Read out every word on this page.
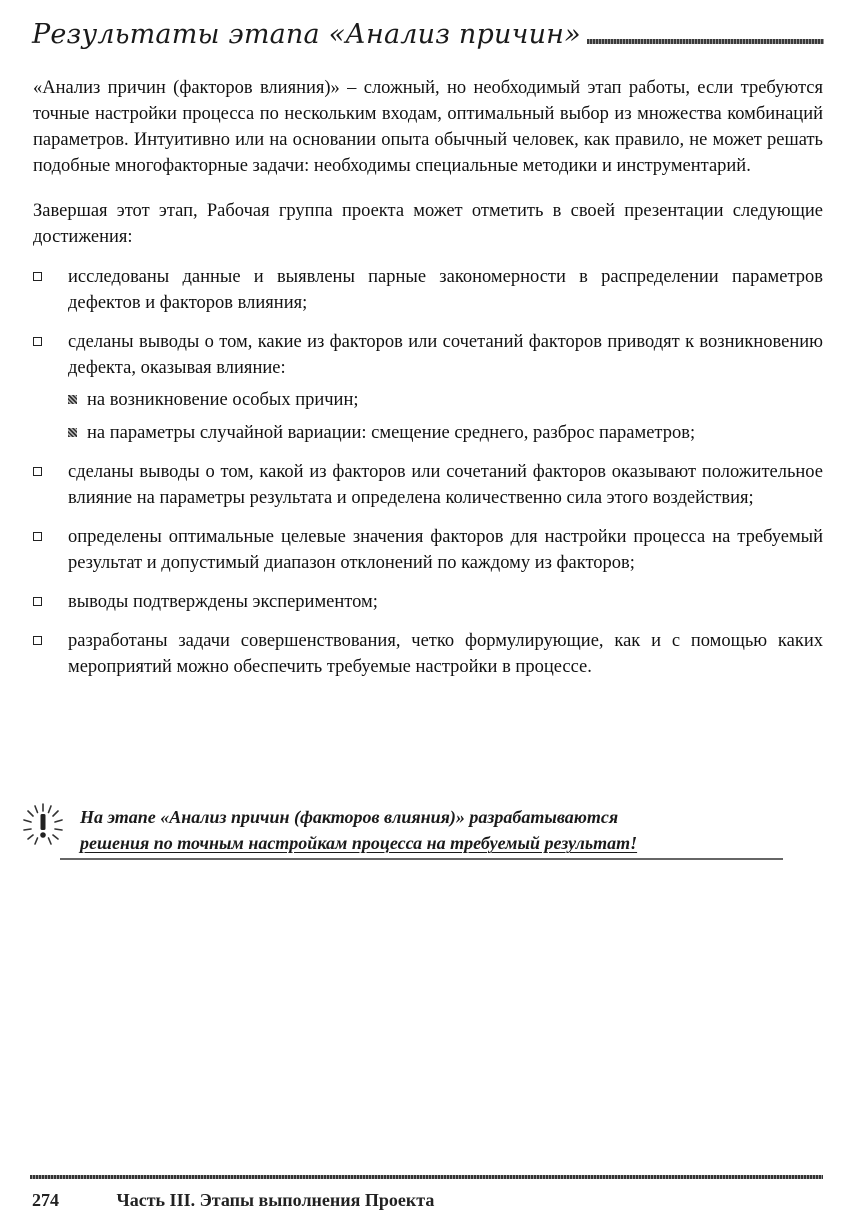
Результаты этапа «Анализ причин»

«Анализ причин (факторов влияния)» – сложный, но необходимый этап работы, если требуются точные настройки процесса по нескольким входам, оптимальный выбор из множества комбинаций параметров. Интуитивно или на основании опыта обычный человек, как правило, не может решать подобные многофакторные задачи: необходимы специальные методики и инструментарий.

Завершая этот этап, Рабочая группа проекта может отметить в своей презентации следующие достижения:

исследованы данные и выявлены парные закономерности в распределении параметров дефектов и факторов влияния;
сделаны выводы о том, какие из факторов или сочетаний факторов приводят к возникновению дефекта, оказывая влияние:
на возникновение особых причин;
на параметры случайной вариации: смещение среднего, разброс параметров;
сделаны выводы о том, какой из факторов или сочетаний факторов оказывают положительное влияние на параметры результата и определена количественно сила этого воздействия;
определены оптимальные целевые значения факторов для настройки процесса на требуемый результат и допустимый диапазон отклонений по каждому из факторов;
выводы подтверждены экспериментом;
разработаны задачи совершенствования, четко формулирующие, как и с помощью каких мероприятий можно обеспечить требуемые настройки в процессе.
На этапе «Анализ причин (факторов влияния)» разрабатываются
решения по точным настройкам процесса на требуемый результат!
274	Часть III. Этапы выполнения Проекта
